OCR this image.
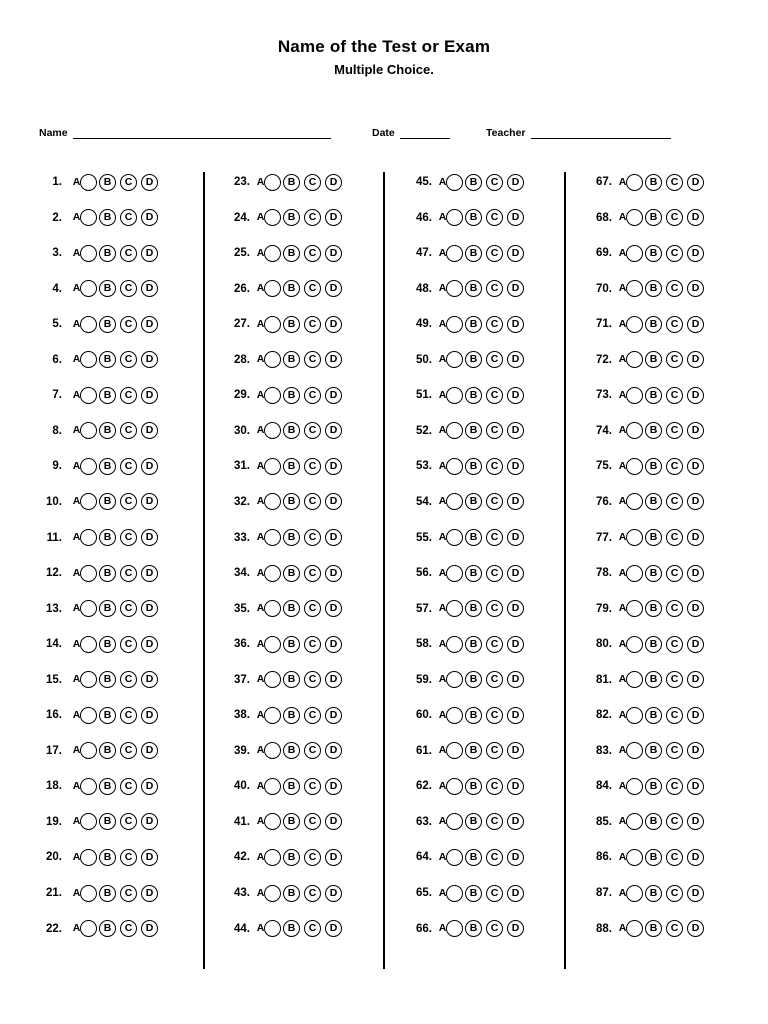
Name of the Test or Exam
Multiple Choice.
Name	Date	Teacher
1. A	B	C	D
2. A	B	C	D
3. A	B	C	D
4. A	B	C	D
5. A	B	C	D
6. A	B	C	D
7. A	B	C	D
8. A	B	C	D
9. A	B	C	D
10. A	B	C	D
11. A	B	C	D
12. A	B	C	D
13. A	B	C	D
14. A	B	C	D
15. A	B	C	D
16. A	B	C	D
17. A	B	C	D
18. A	B	C	D
19. A	B	C	D
20. A	B	C	D
21. A	B	C	D
22. A	B	C	D
23. A	B	C	D
24. A	B	C	D
25. A	B	C	D
26. A	B	C	D
27. A	B	C	D
28. A	B	C	D
29. A	B	C	D
30. A	B	C	D
31. A	B	C	D
32. A	B	C	D
33. A	B	C	D
34. A	B	C	D
35. A	B	C	D
36. A	B	C	D
37. A	B	C	D
38. A	B	C	D
39. A	B	C	D
40. A	B	C	D
41. A	B	C	D
42. A	B	C	D
43. A	B	C	D
44. A	B	C	D
45. A	B	C	D
46. A	B	C	D
47. A	B	C	D
48. A	B	C	D
49. A	B	C	D
50. A	B	C	D
51. A	B	C	D
52. A	B	C	D
53. A	B	C	D
54. A	B	C	D
55. A	B	C	D
56. A	B	C	D
57. A	B	C	D
58. A	B	C	D
59. A	B	C	D
60. A	B	C	D
61. A	B	C	D
62. A	B	C	D
63. A	B	C	D
64. A	B	C	D
65. A	B	C	D
66. A	B	C	D
67. A	B	C	D
68. A	B	C	D
69. A	B	C	D
70. A	B	C	D
71. A	B	C	D
72. A	B	C	D
73. A	B	C	D
74. A	B	C	D
75. A	B	C	D
76. A	B	C	D
77. A	B	C	D
78. A	B	C	D
79. A	B	C	D
80. A	B	C	D
81. A	B	C	D
82. A	B	C	D
83. A	B	C	D
84. A	B	C	D
85. A	B	C	D
86. A	B	C	D
87. A	B	C	D
88. A	B	C	D
